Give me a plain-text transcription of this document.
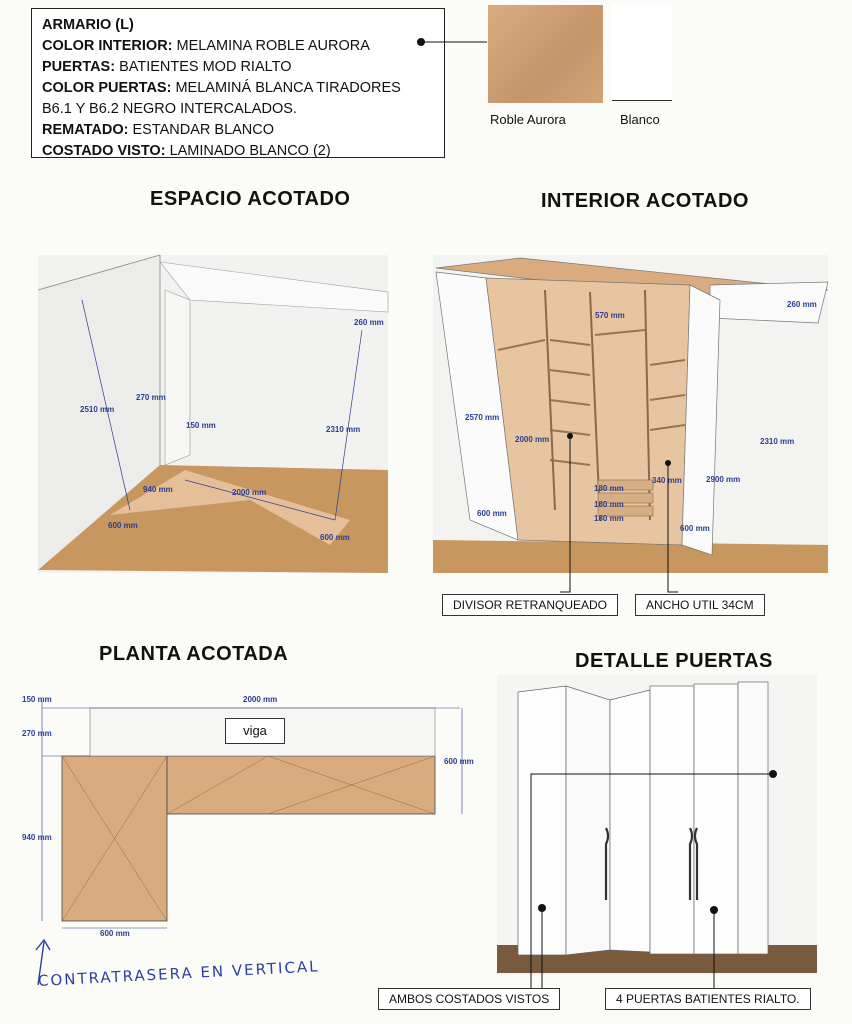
ARMARIO (L)
COLOR INTERIOR: MELAMINA ROBLE AURORA
PUERTAS: BATIENTES MOD RIALTO
COLOR PUERTAS: MELAMINÁ BLANCA TIRADORES
B6.1 Y B6.2 NEGRO INTERCALADOS.
REMATADO: ESTANDAR BLANCO
COSTADO VISTO: LAMINADO BLANCO (2)
Roble Aurora	Blanco
ESPACIO ACOTADO	INTERIOR ACOTADO
PLANTA ACOTADA	DETALLE PUERTAS
2510 mm
260 mm
270 mm
150 mm	2310 mm
940 mm	2000 mm
600 mm
600 mm
2570 mm
260 mm
570 mm
2000 mm	2310 mm
340 mm	2900 mm
180 mm
180 mm
180 mm
600 mm
600 mm
150 mm	2000 mm
270 mm
600 mm
940 mm
600 mm
DIVISOR RETRANQUEADO	ANCHO UTIL 34CM
AMBOS COSTADOS VISTOS	4 PUERTAS BATIENTES RIALTO.
viga
CONTRATRASERA EN VERTICAL
